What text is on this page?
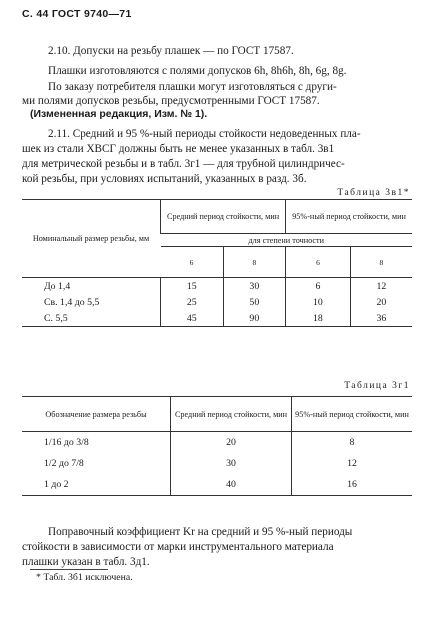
С. 44 ГОСТ 9740—71
2.10. Допуски на резьбу плашек — по ГОСТ 17587.
Плашки изготовляются с полями допусков 6h, 8h6h, 8h, 6g, 8g.
По заказу потребителя плашки могут изготовляться с други-
ми полями допусков резьбы, предусмотренными ГОСТ 17587.
(Измененная редакция, Изм. № 1).
2.11. Средний и 95 %-ный периоды стойкости недоведенных пла-
шек из стали ХВСГ должны быть не менее указанных в табл. 3в1
для метрической резьбы и в табл. 3г1 — для трубной цилиндричес-
кой резьбы, при условиях испытаний, указанных в разд. 3б.
Таблица 3в1*
Номинальный размер резьбы, мм	Средний период стойкости, мин		95%-ный период стойкости, мин	
	для степени точности			
	6	8	6	8
До 1,4	15	30	6	12
Св. 1,4 до 5,5	25	50	10	20
С. 5,5	45	90	18	36
Таблица 3г1
Обозначение размера резьбы	Средний период стойкости, мин	95%-ный период стойкости, мин
1/16 до 3/8	20	8
1/2 до 7/8	30	12
1 до 2	40	16
Поправочный коэффициент Kr на средний и 95 %-ный периоды
стойкости в зависимости от марки инструментального материала
плашки указан в табл. 3д1.
* Табл. 3б1 исключена.
